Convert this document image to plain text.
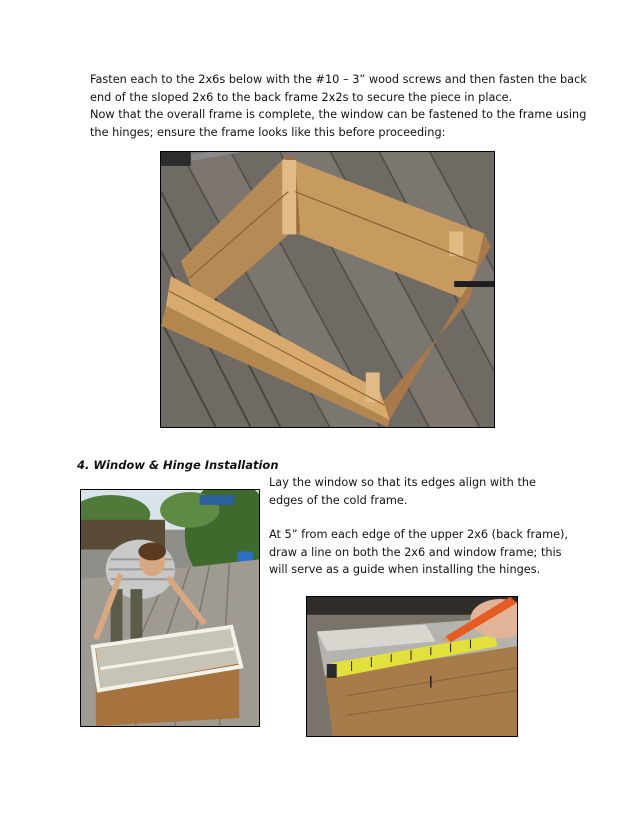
Fasten each to the 2x6s below with the #10 – 3” wood screws and then fasten the back end of the sloped 2x6 to the back frame 2x2s to secure the piece in place.

Now that the overall frame is complete, the window can be fastened to the frame using the hinges; ensure the frame looks like this before proceeding:

4. Window & Hinge Installation

Lay the window so that its edges align with the edges of the cold frame.

At 5” from each edge of the upper 2x6 (back frame), draw a line on both the 2x6 and window frame; this will serve as a guide when installing the hinges.
